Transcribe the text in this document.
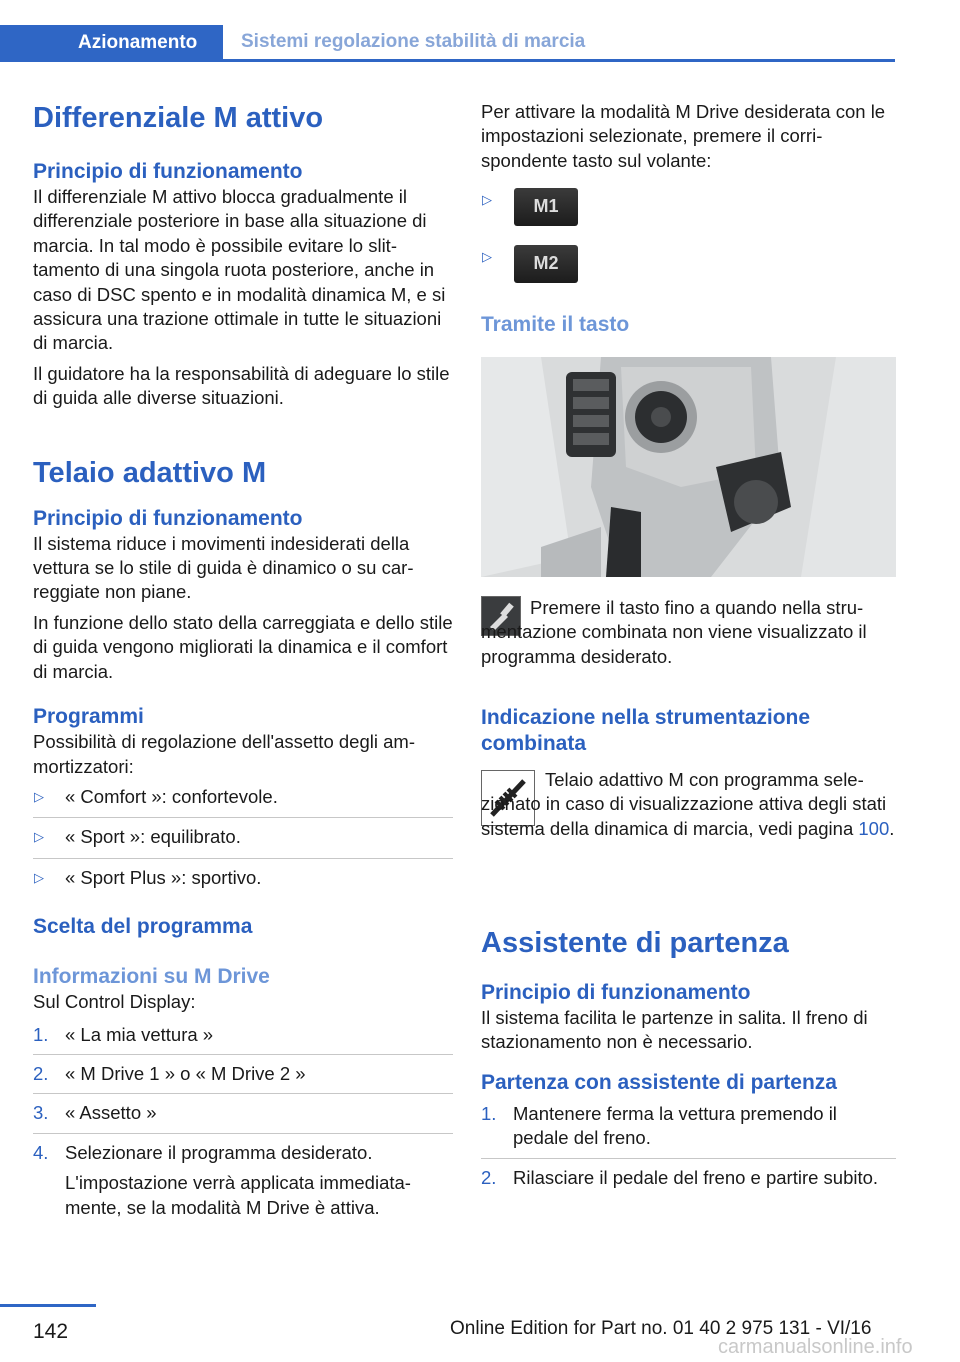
Azionamento	Sistemi regolazione stabilità di marcia
Differenziale M attivo
Principio di funzionamento

Il differenziale M attivo blocca gradualmente il differenziale posteriore in base alla situazione di marcia. In tal modo è possibile evitare lo slittamento di una singola ruota posteriore, anche in caso di DSC spento e in modalità dinamica M, e si assicura una trazione ottimale in tutte le situazioni di marcia.

Il guidatore ha la responsabilità di adeguare lo stile di guida alle diverse situazioni.

Telaio adattivo M
Principio di funzionamento

Il sistema riduce i movimenti indesiderati della vettura se lo stile di guida è dinamico o su carreggiate non piane.

In funzione dello stato della carreggiata e dello stile di guida vengono migliorati la dinamica e il comfort di marcia.

Programmi

Possibilità di regolazione dell'assetto degli ammortizzatori:

▷ « Comfort »: confortevole.
▷ « Sport »: equilibrato.
▷ « Sport Plus »: sportivo.
Scelta del programma
Informazioni su M Drive

Sul Control Display:

1. « La mia vettura »
2. « M Drive 1 » o « M Drive 2 »
3. « Assetto »
4. Selezionare il programma desiderato.

L'impostazione verrà applicata immediatamente, se la modalità M Drive è attiva.

Per attivare la modalità M Drive desiderata con le impostazioni selezionate, premere il corrispondente tasto sul volante:

▷	M1
▷	M2
Tramite il tasto
Premere il tasto fino a quando nella strumentazione combinata non viene visualizzato il programma desiderato.
Indicazione nella strumentazione combinata
Telaio adattivo M con programma selezionato in caso di visualizzazione attiva degli stati sistema della dinamica di marcia, vedi pagina 100.
Assistente di partenza
Principio di funzionamento

Il sistema facilita le partenze in salita. Il freno di stazionamento non è necessario.

Partenza con assistente di partenza
1. Mantenere ferma la vettura premendo il pedale del freno.
2. Rilasciare il pedale del freno e partire subito.
142	Online Edition for Part no. 01 40 2 975 131 - VI/16
carmanualsonline.info
